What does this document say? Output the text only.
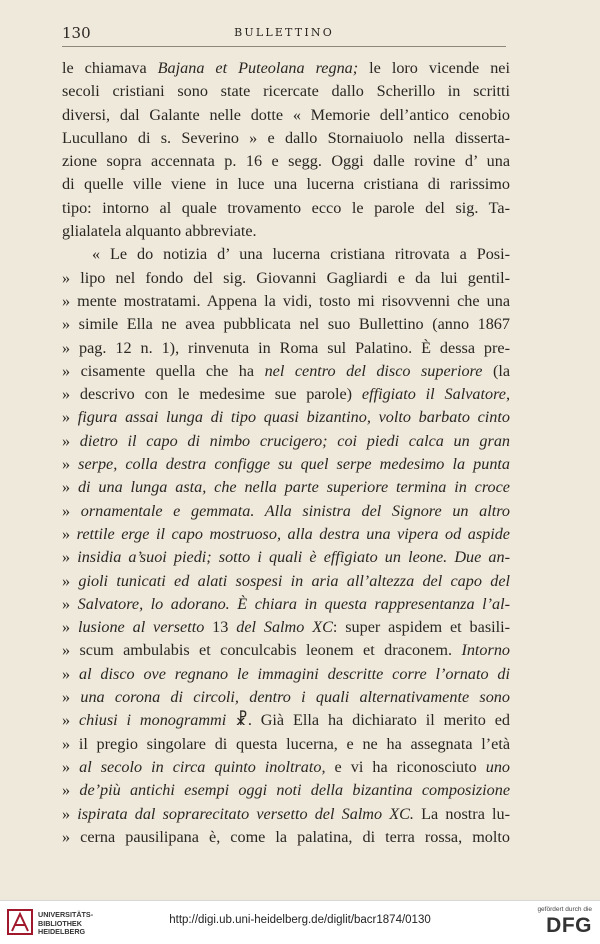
130	BULLETTINO
le chiamava Bajana et Puteolana regna; le loro vicende nei
secoli cristiani sono state ricercate dallo Scherillo in scritti
diversi, dal Galante nelle dotte « Memorie dell’antico cenobio
Lucullano di s. Severino » e dallo Stornaiuolo nella disserta-
zione sopra accennata p. 16 e segg. Oggi dalle rovine d’ una
di quelle ville viene in luce una lucerna cristiana di rarissimo
tipo: intorno al quale trovamento ecco le parole del sig. Ta-
glialatela alquanto abbreviate.
« Le do notizia d’ una lucerna cristiana ritrovata a Posi-
» lipo nel fondo del sig. Giovanni Gagliardi e da lui gentil-
» mente mostratami. Appena la vidi, tosto mi risovvenni che una
» simile Ella ne avea pubblicata nel suo Bullettino (anno 1867
» pag. 12 n. 1), rinvenuta in Roma sul Palatino. È dessa pre-
» cisamente quella che ha nel centro del disco superiore (la
» descrivo con le medesime sue parole) effigiato il Salvatore,
» figura assai lunga di tipo quasi bizantino, volto barbato cinto
» dietro il capo di nimbo crucigero; coi piedi calca un gran
» serpe, colla destra configge su quel serpe medesimo la punta
» di una lunga asta, che nella parte superiore termina in croce
» ornamentale e gemmata. Alla sinistra del Signore un altro
» rettile erge il capo mostruoso, alla destra una vipera od aspide
» insidia a’suoi piedi; sotto i quali è effigiato un leone. Due an-
» gioli tunicati ed alati sospesi in aria all’altezza del capo del
» Salvatore, lo adorano. È chiara in questa rappresentanza l’al-
» lusione al versetto 13 del Salmo XC: super aspidem et basili-
» scum ambulabis et conculcabis leonem et draconem. Intorno
» al disco ove regnano le immagini descritte corre l’ornato di
» una corona di circoli, dentro i quali alternativamente sono
» chiusi i monogrammi ☧. Già Ella ha dichiarato il merito ed
» il pregio singolare di questa lucerna, e ne ha assegnata l’età
» al secolo in circa quinto inoltrato, e vi ha riconosciuto uno
» de’più antichi esempi oggi noti della bizantina composizione
» ispirata dal soprarecitato versetto del Salmo XC. La nostra lu-
» cerna pausilipana è, come la palatina, di terra rossa, molto
UNIVERSITÄTS-
BIBLIOTHEK
HEIDELBERG
http://digi.ub.uni-heidelberg.de/diglit/bacr1874/0130
gefördert durch die
DFG
